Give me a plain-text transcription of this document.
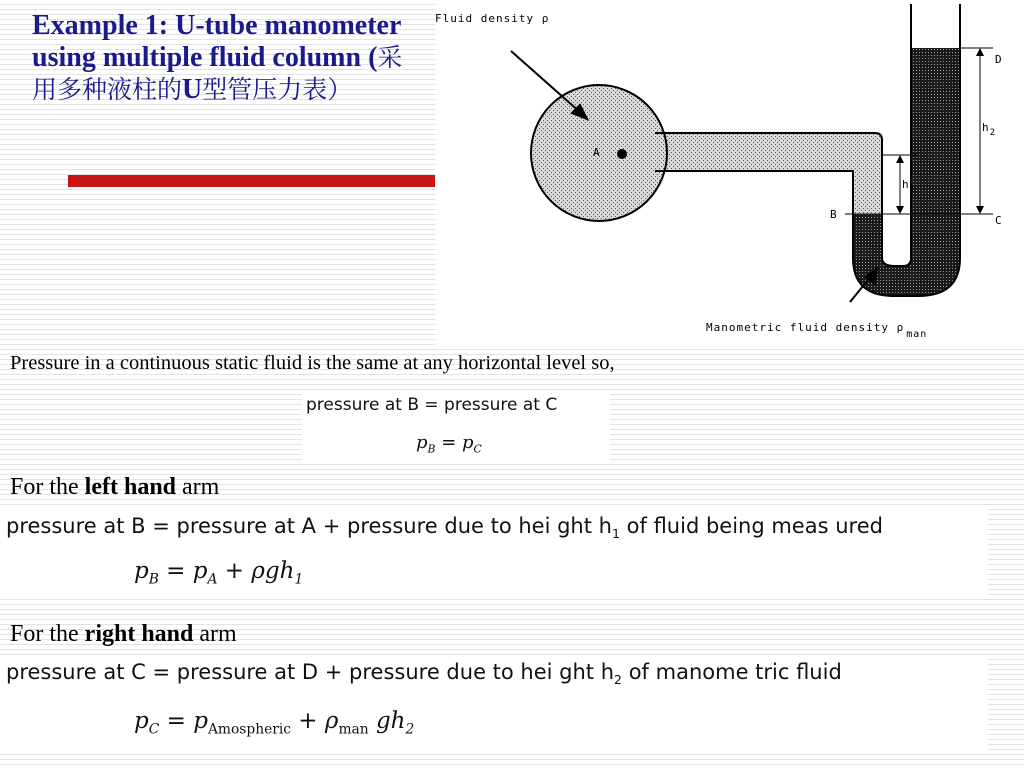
Example 1: U-tube manometer using multiple fluid column (采用多种液柱的U型管压力表）
A
Fluid density ρ
D
C
B
$h_1$
$h_2$
Manometric fluid density ρman
Pressure in a continuous static fluid is the same at any horizontal level so,
pressure at B = pressure at C
$p_B = p_C$
For the left hand arm
pressure at B = pressure at A + pressure due to hei ght $h_1$ of fluid being meas ured
$p_B = p_A + \rho gh_1$
For the right hand arm
pressure at C = pressure at D + pressure due to hei ght $h_2$ of manome tric fluid
$p_C = p_{Amospheric} + \rho_{man}$ $gh_2$
